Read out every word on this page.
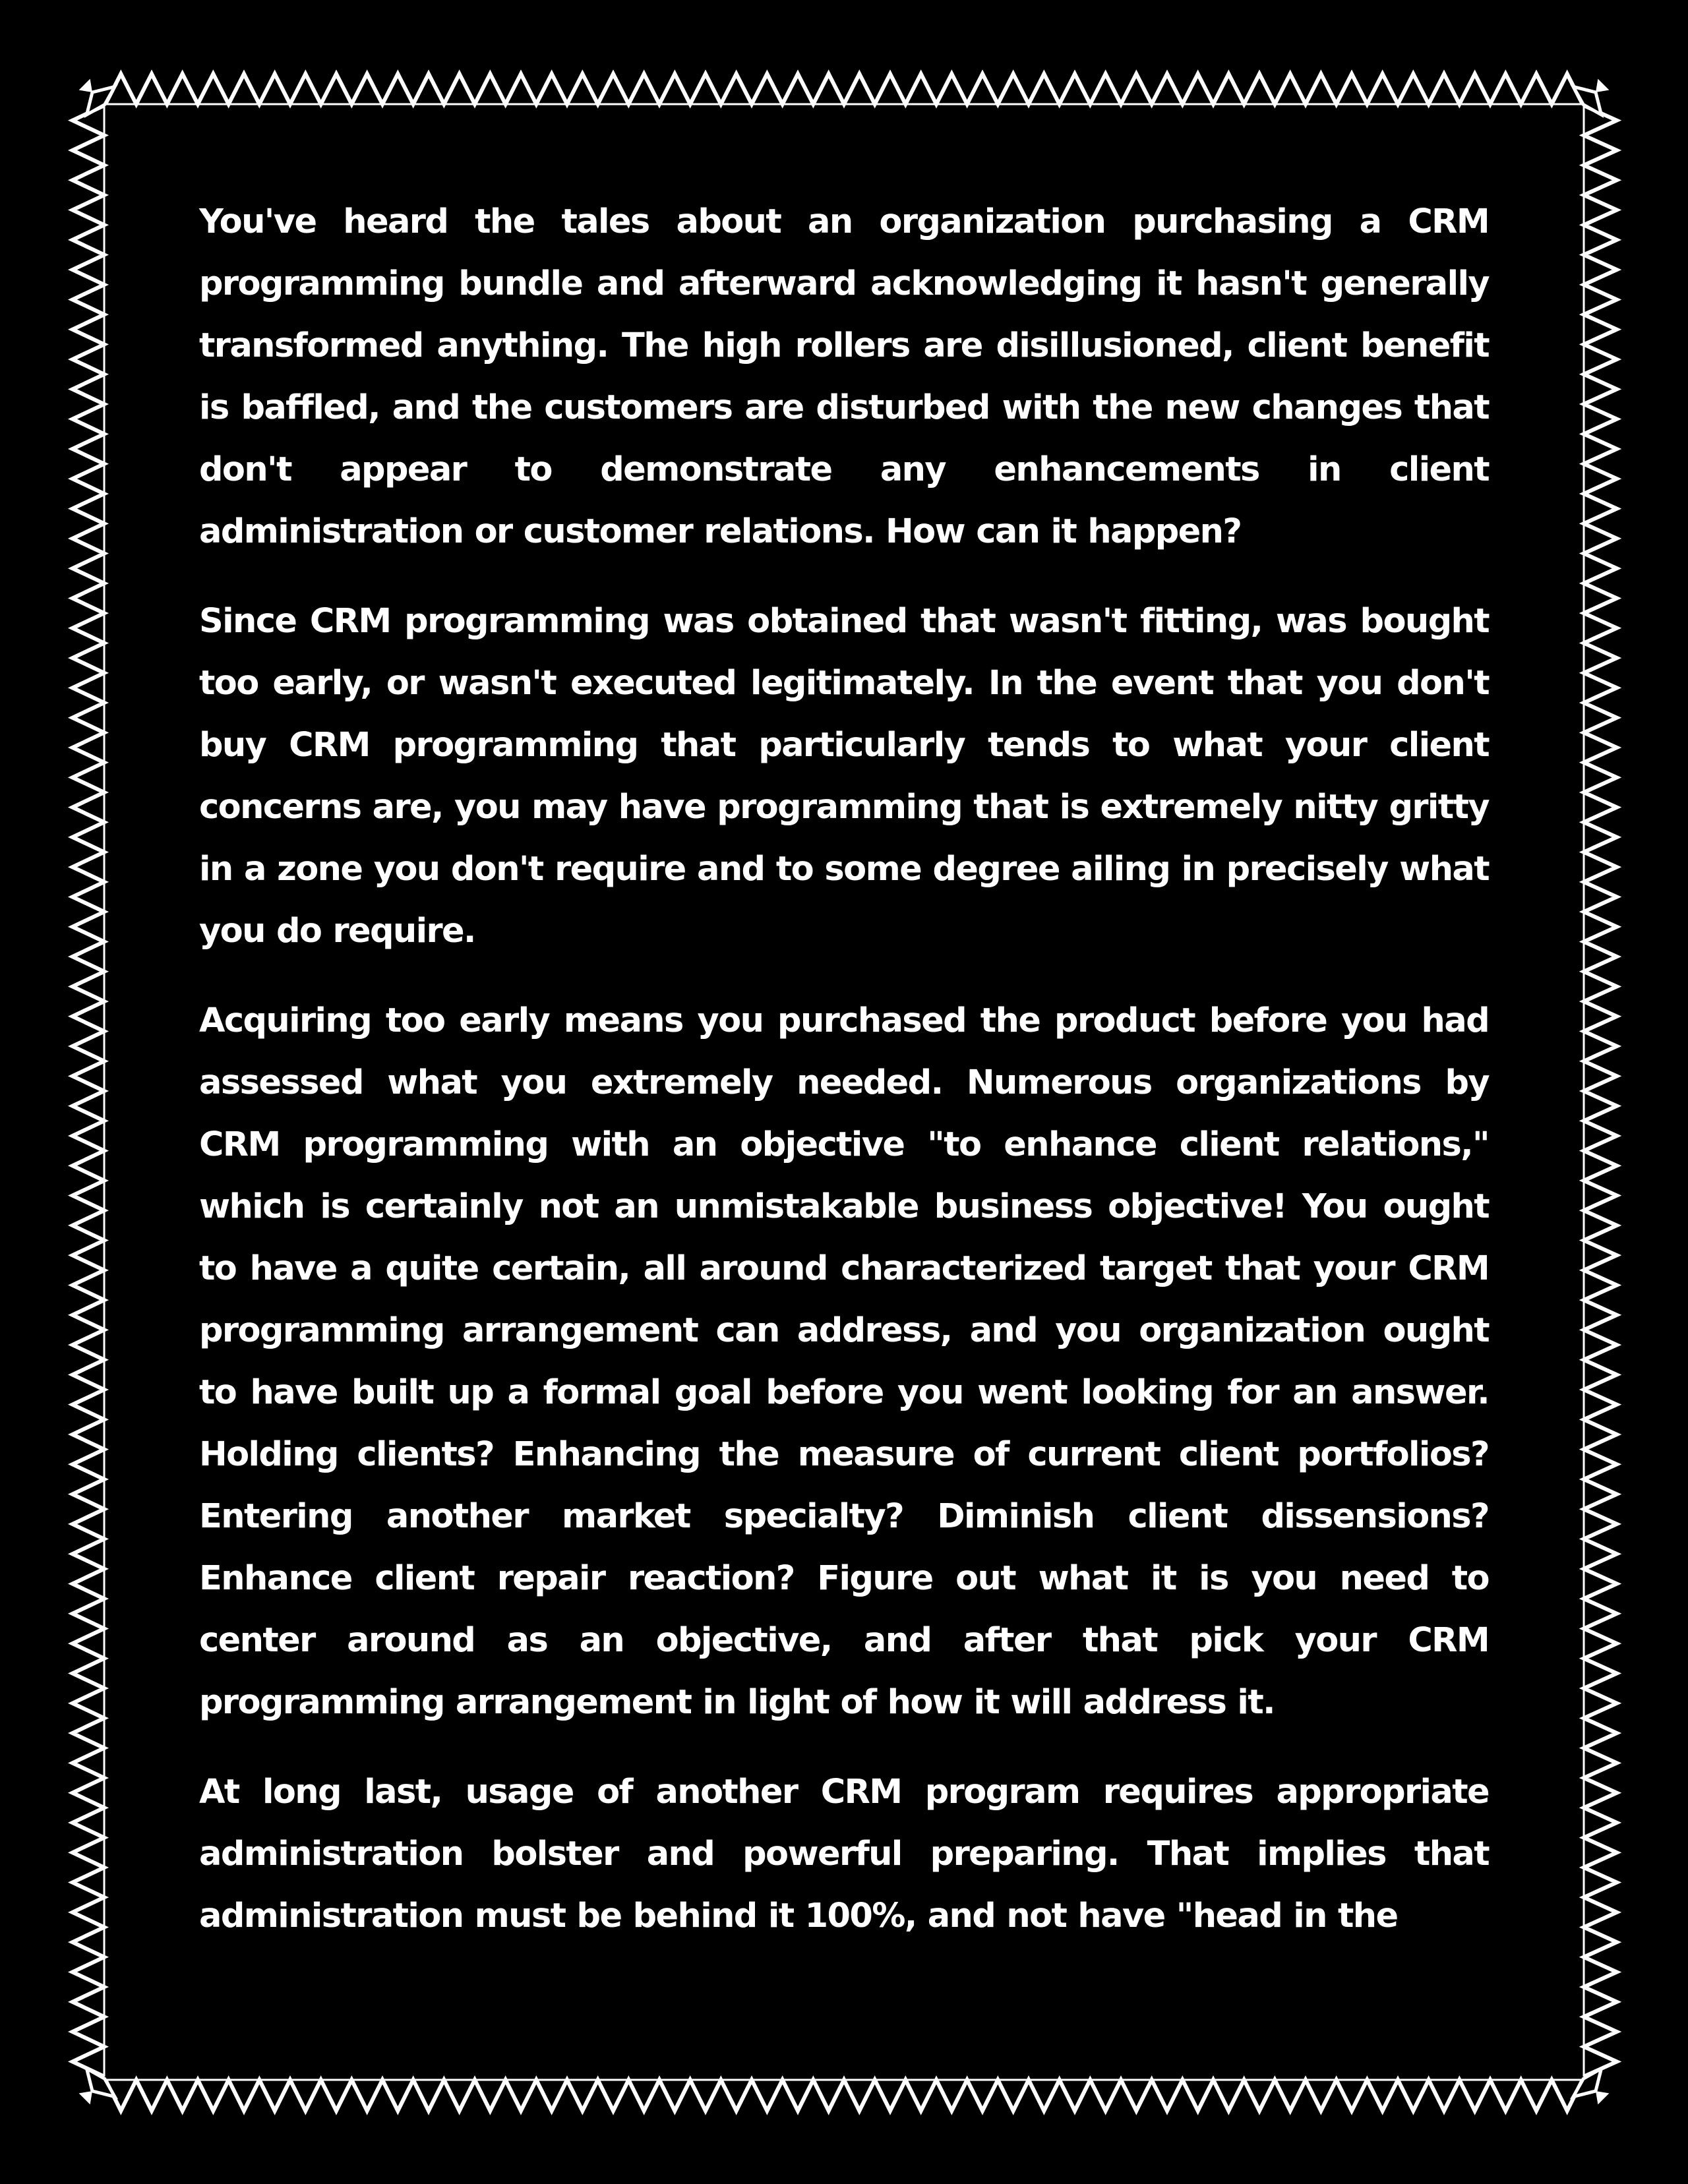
You've heard the tales about an organization purchasing a CRM programming bundle and afterward acknowledging it hasn't generally transformed anything. The high rollers are disillusioned, client benefit is baffled, and the customers are disturbed with the new changes that don't appear to demonstrate any enhancements in client administration or customer relations. How can it happen?

Since CRM programming was obtained that wasn't fitting, was bought too early, or wasn't executed legitimately. In the event that you don't buy CRM programming that particularly tends to what your client concerns are, you may have programming that is extremely nitty gritty in a zone you don't require and to some degree ailing in precisely what you do require.

Acquiring too early means you purchased the product before you had assessed what you extremely needed. Numerous organizations by CRM programming with an objective "to enhance client relations," which is certainly not an unmistakable business objective! You ought to have a quite certain, all around characterized target that your CRM programming arrangement can address, and you organization ought to have built up a formal goal before you went looking for an answer. Holding clients? Enhancing the measure of current client portfolios? Entering another market specialty? Diminish client dissensions? Enhance client repair reaction? Figure out what it is you need to center around as an objective, and after that pick your CRM programming arrangement in light of how it will address it.

At long last, usage of another CRM program requires appropriate administration bolster and powerful preparing. That implies that administration must be behind it 100%, and not have "head in the
